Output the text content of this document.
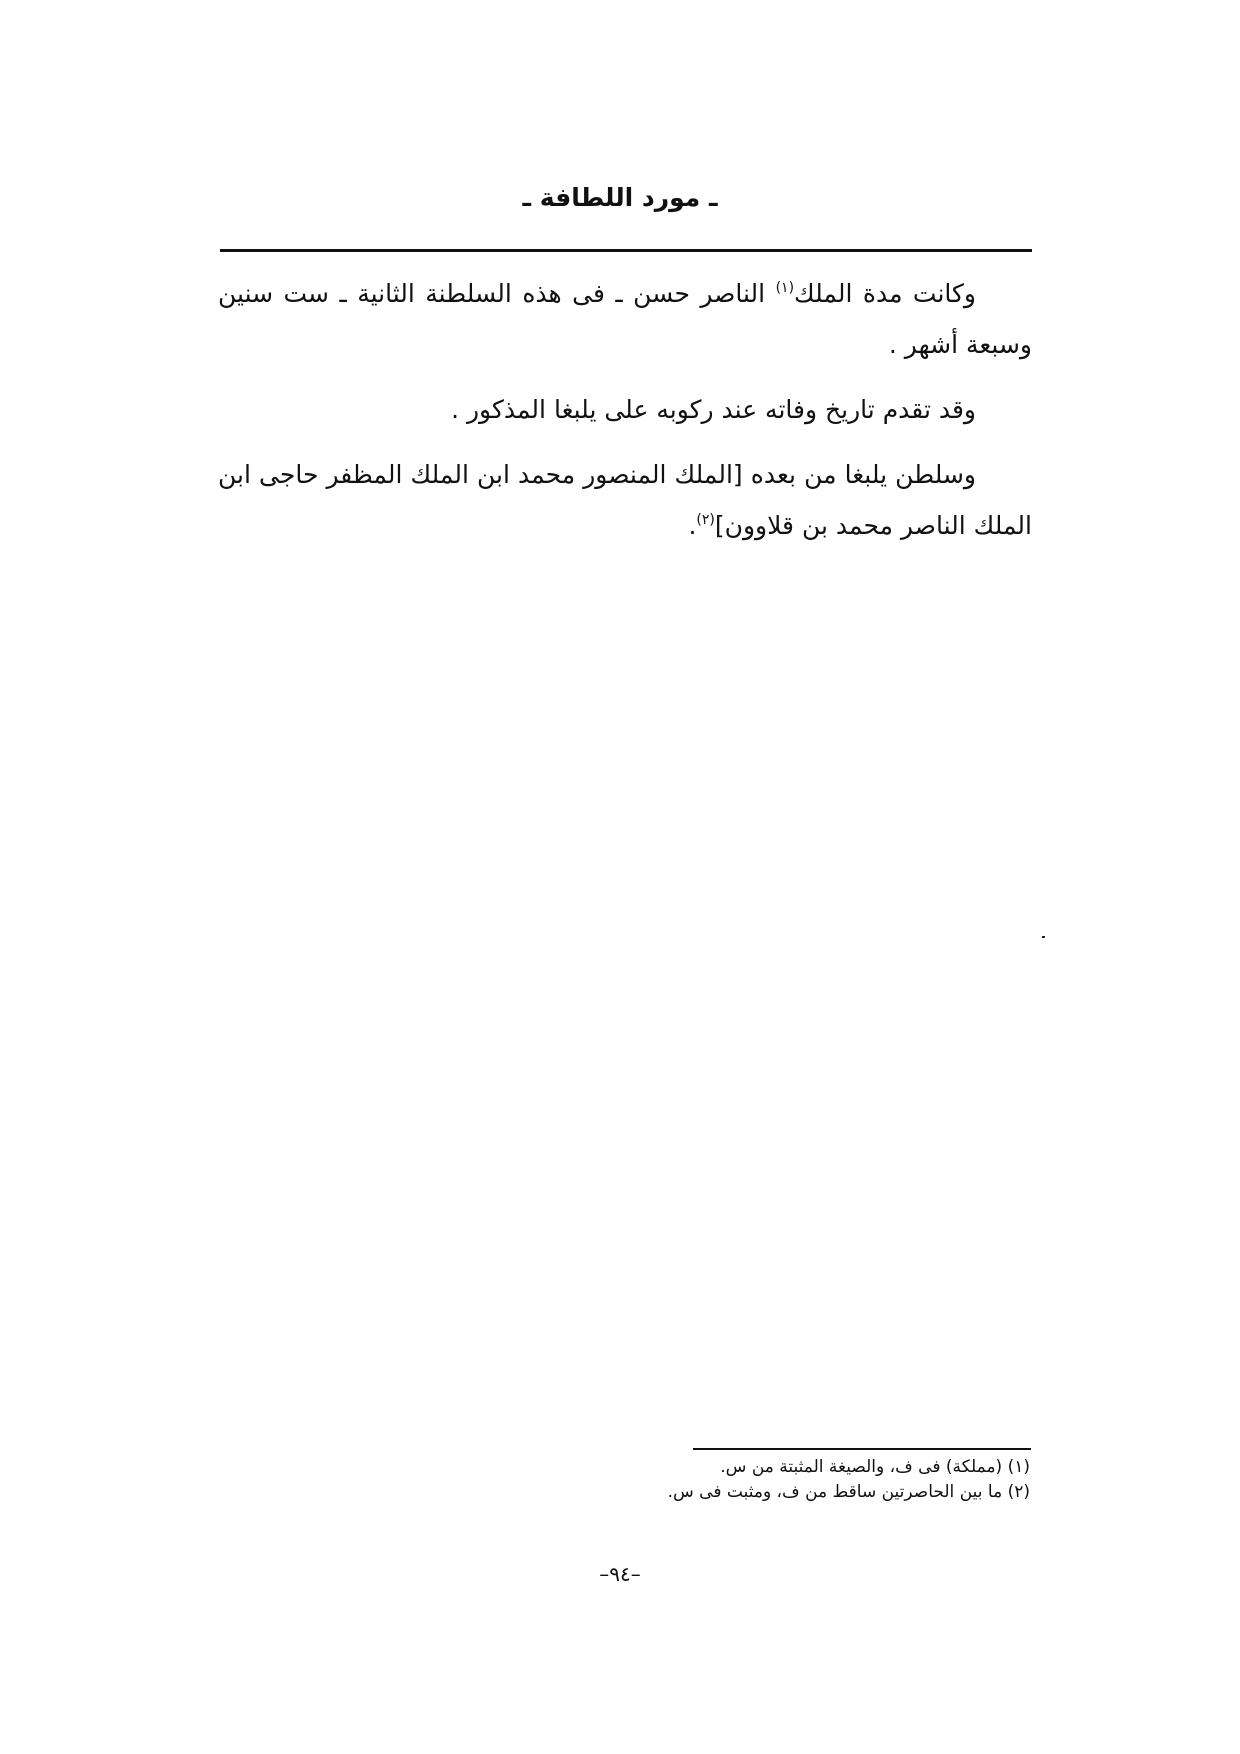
ـ مورد اللطافة ـ

وكانت مدة الملك$^{(١)}$ الناصر حسن ـ فى هذه السلطنة الثانية ـ ست سنين وسبعة أشهر .

وقد تقدم تاريخ وفاته عند ركوبه على يلبغا المذكور .

وسلطن يلبغا من بعده [الملك المنصور محمد ابن الملك المظفر حاجى ابن الملك الناصر محمد بن قلاوون]$^{(٢)}$.

(١) (مملكة) فى ف، والصيغة المثبتة من س.
(٢) ما بين الحاصرتين ساقط من ف، ومثبت فى س.
–٩٤–
